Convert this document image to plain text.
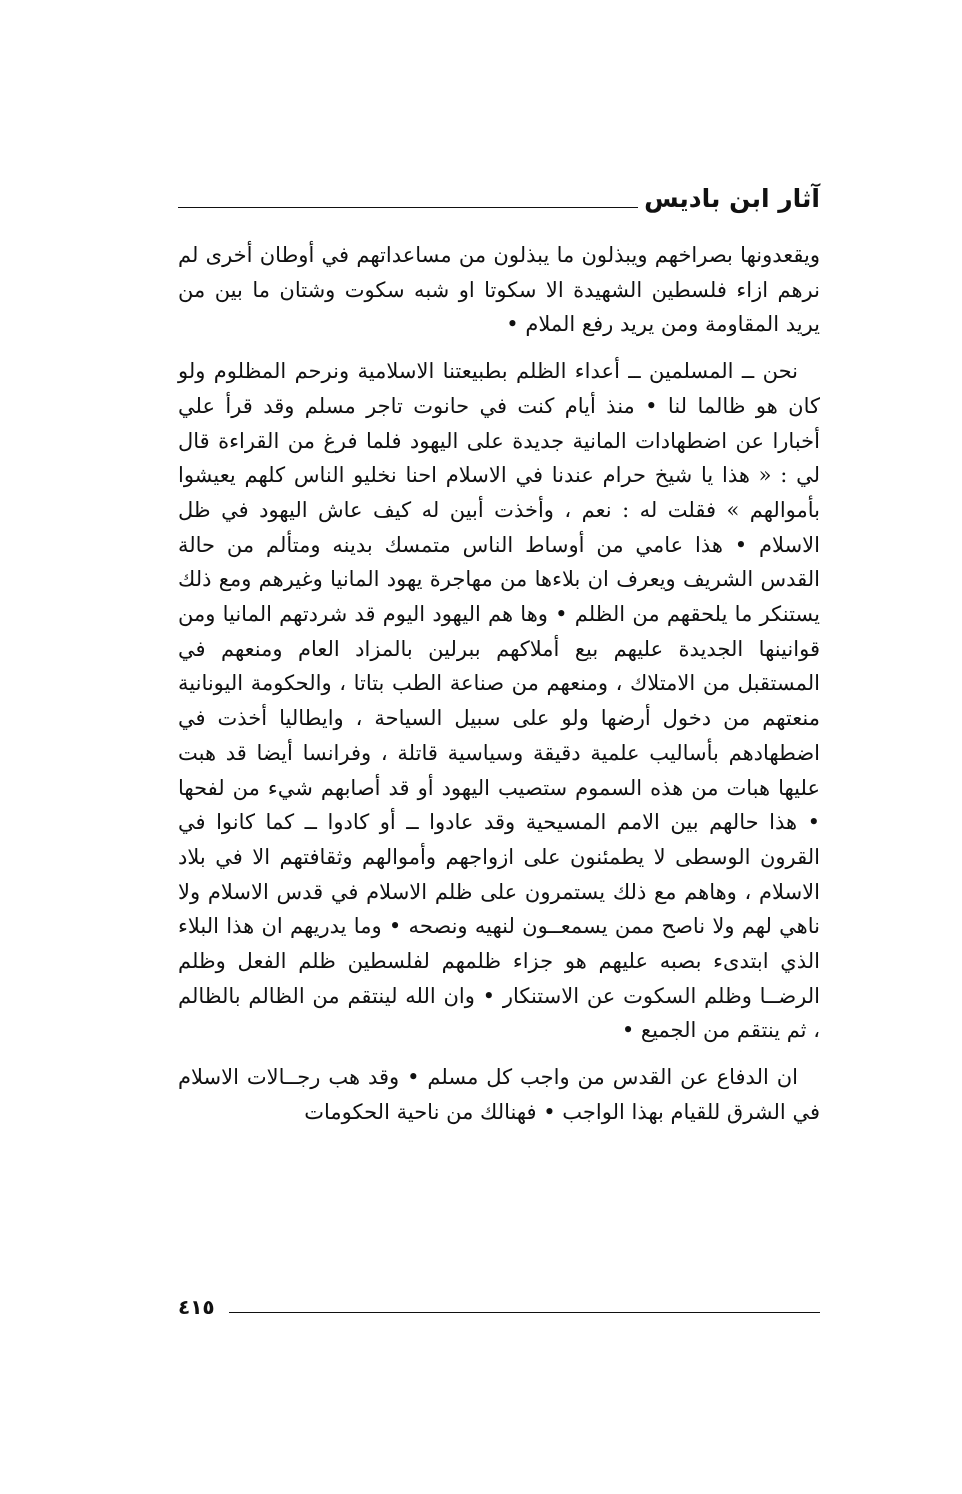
آثار ابن باديس

ويقعدونها بصراخهم ويبذلون ما يبذلون من مساعداتهم في أوطان أخرى لم نرهم ازاء فلسطين الشهيدة الا سكوتا او شبه سكوت وشتان ما بين من يريد المقاومة ومن يريد رفع الملام •

نحن ــ المسلمين ــ أعداء الظلم بطبيعتنا الاسلامية ونرحم المظلوم ولو كان هو ظالما لنا • منذ أيام كنت في حانوت تاجر مسلم وقد قرأ علي أخبارا عن اضطهادات المانية جديدة على اليهود فلما فرغ من القراءة قال لي : « هذا يا شيخ حرام عندنا في الاسلام احنا نخليو الناس كلهم يعيشوا بأموالهم » فقلت له : نعم ، وأخذت أبين له كيف عاش اليهود في ظل الاسلام • هذا عامي من أوساط الناس متمسك بدينه ومتألم من حالة القدس الشريف ويعرف ان بلاءها من مهاجرة يهود المانيا وغيرهم ومع ذلك يستنكر ما يلحقهم من الظلم • وها هم اليهود اليوم قد شردتهم المانيا ومن قوانينها الجديدة عليهم بيع أملاكهم ببرلين بالمزاد العام ومنعهم في المستقبل من الامتلاك ، ومنعهم من صناعة الطب بتاتا ، والحكومة اليونانية منعتهم من دخول أرضها ولو على سبيل السياحة ، وايطاليا أخذت في اضطهادهم بأساليب علمية دقيقة وسياسية قاتلة ، وفرانسا أيضا قد هبت عليها هبات من هذه السموم ستصيب اليهود أو قد أصابهم شيء من لفحها • هذا حالهم بين الامم المسيحية وقد عادوا ــ أو كادوا ــ كما كانوا في القرون الوسطى لا يطمئنون على ازواجهم وأموالهم وثقافتهم الا في بلاد الاسلام ، وهاهم مع ذلك يستمرون على ظلم الاسلام في قدس الاسلام ولا ناهي لهم ولا ناصح ممن يسمعــون لنهيه ونصحه • وما يدريهم ان هذا البلاء الذي ابتدىء بصبه عليهم هو جزاء ظلمهم لفلسطين ظلم الفعل وظلم الرضــا وظلم السكوت عن الاستنكار • وان الله لينتقم من الظالم بالظالم ، ثم ينتقم من الجميع •

ان الدفاع عن القدس من واجب كل مسلم • وقد هب رجــالات الاسلام في الشرق للقيام بهذا الواجب • فهنالك من ناحية الحكومات

٤١٥
